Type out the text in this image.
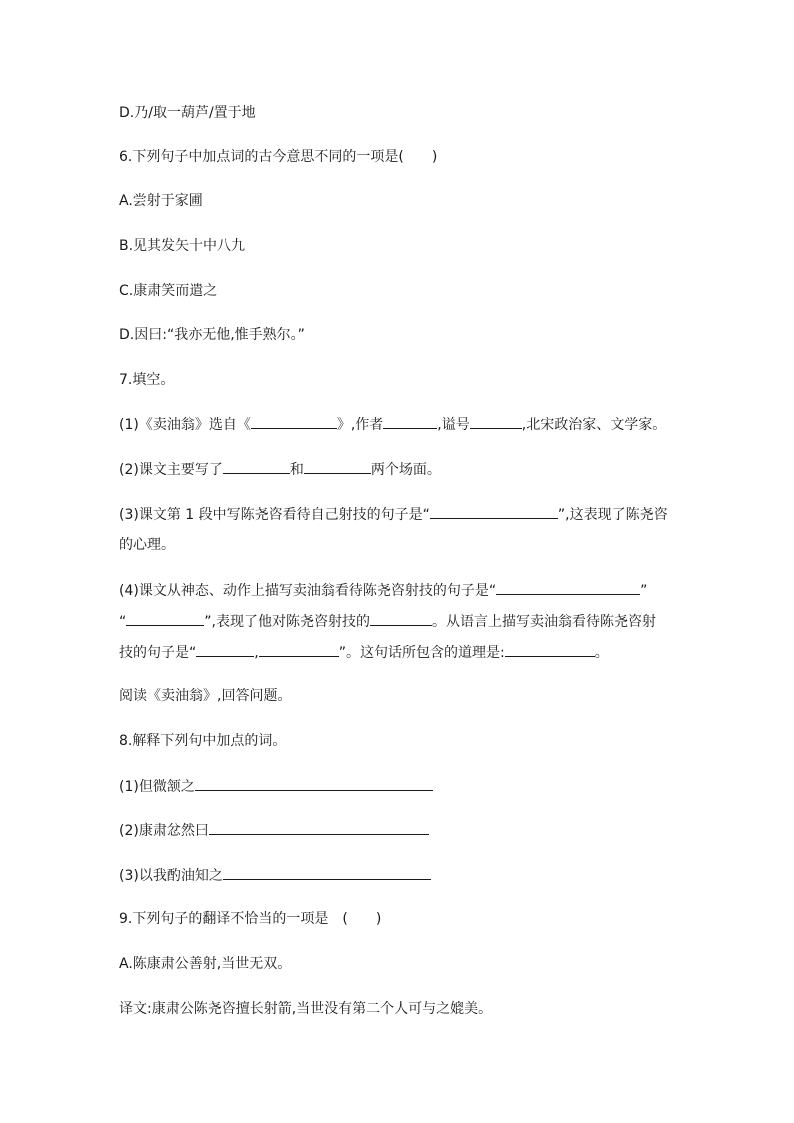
D.乃/取一葫芦/置于地
6.下列句子中加点词的古今意思不同的一项是(　　)
A.尝射于家圃
B.见其发矢十中八九
C.康肃笑而遣之
D.因曰:“我亦无他,惟手熟尔。”
7.填空。
(1)《卖油翁》选自《	》,作者	,谥号	,北宋政治家、文学家。
(2)课文主要写了	和	两个场面。
(3)课文第 1 段中写陈尧咨看待自己射技的句子是“	”,这表现了陈尧咨
的心理。
(4)课文从神态、动作上描写卖油翁看待陈尧咨射技的句子是“	”
“	”,表现了他对陈尧咨射技的	。从语言上描写卖油翁看待陈尧咨射
技的句子是“	,	”。这句话所包含的道理是:	。
阅读《卖油翁》,回答问题。
8.解释下列句中加点的词。
(1)但微颔之
(2)康肃忿然曰
(3)以我酌油知之
9.下列句子的翻译不恰当的一项是　(　　)
A.陈康肃公善射,当世无双。
译文:康肃公陈尧咨擅长射箭,当世没有第二个人可与之媲美。
